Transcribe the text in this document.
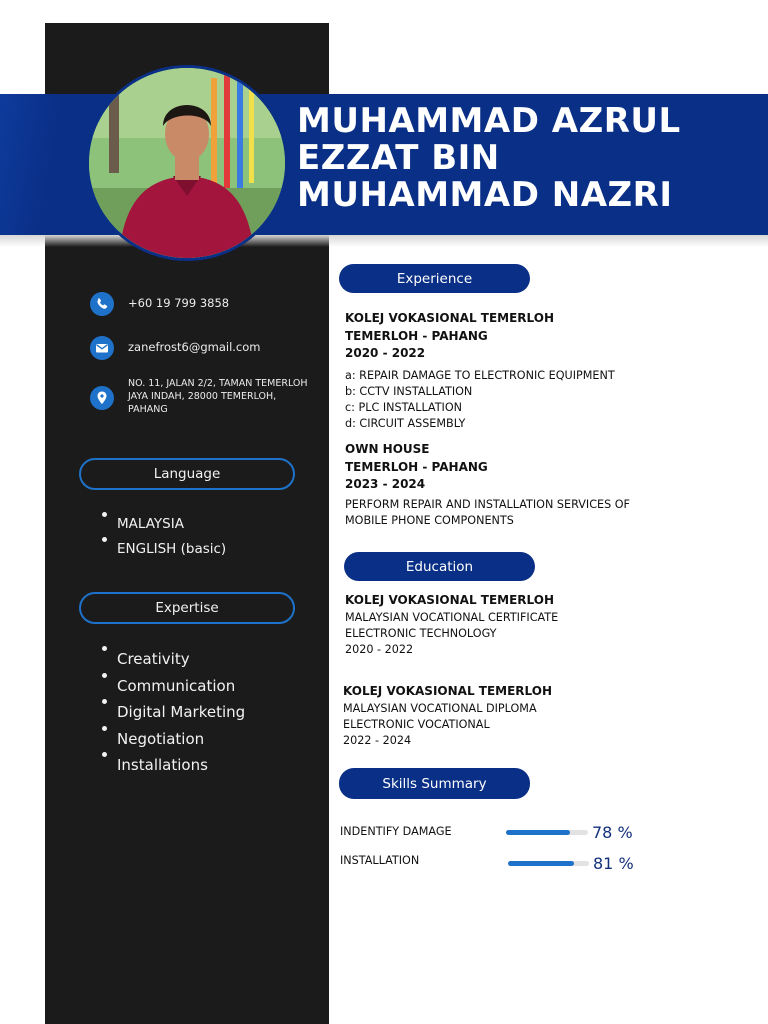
MUHAMMAD AZRUL
EZZAT BIN
MUHAMMAD NAZRI
+60 19 799 3858
zanefrost6@gmail.com
NO. 11, JALAN 2/2, TAMAN TEMERLOH
JAYA INDAH, 28000 TEMERLOH,
PAHANG
Language
MALAYSIA
ENGLISH (basic)
Expertise
Creativity
Communication
Digital Marketing
Negotiation
Installations
Experience
KOLEJ VOKASIONAL TEMERLOH
TEMERLOH - PAHANG
2020 - 2022
a: REPAIR DAMAGE TO ELECTRONIC EQUIPMENT
b: CCTV INSTALLATION
c: PLC INSTALLATION
d: CIRCUIT ASSEMBLY
OWN HOUSE
TEMERLOH - PAHANG
2023 - 2024
PERFORM REPAIR AND INSTALLATION SERVICES OF
MOBILE PHONE COMPONENTS
Education
KOLEJ VOKASIONAL TEMERLOH
MALAYSIAN VOCATIONAL CERTIFICATE
ELECTRONIC TECHNOLOGY
2020 - 2022
KOLEJ VOKASIONAL TEMERLOH
MALAYSIAN VOCATIONAL DIPLOMA
ELECTRONIC VOCATIONAL
2022 - 2024
Skills Summary
INDENTIFY DAMAGE	78 %
INSTALLATION	81 %
